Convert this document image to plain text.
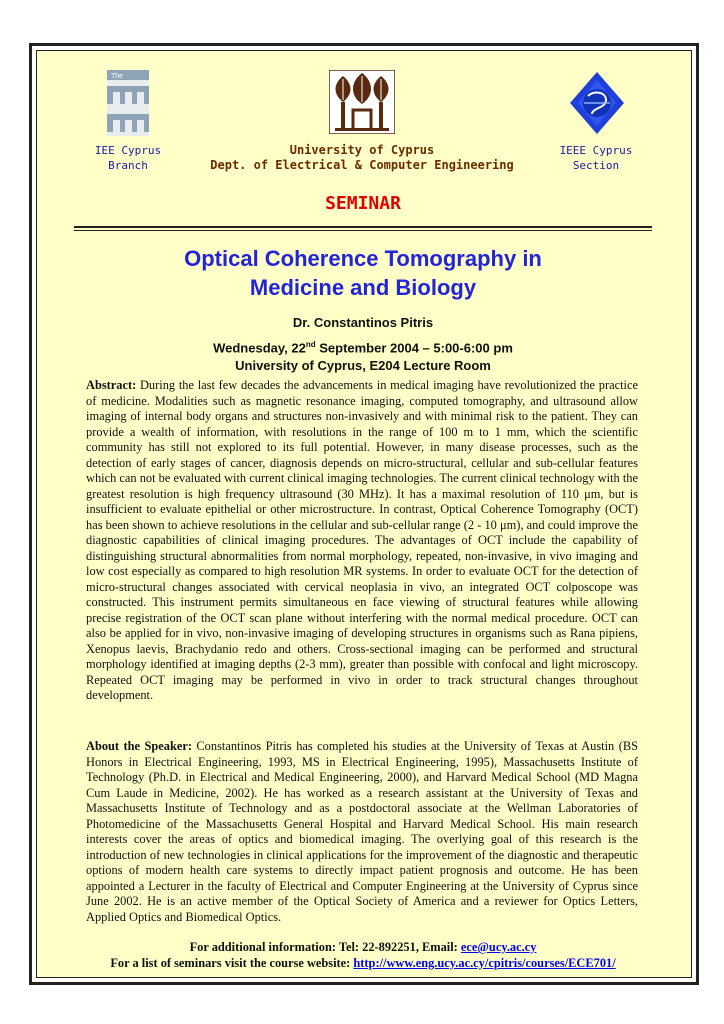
The
IEE Cyprus
Branch
IEEE Cyprus
Section
University of Cyprus
Dept. of Electrical & Computer Engineering
SEMINAR
Optical Coherence Tomography in
Medicine and Biology
Dr. Constantinos Pitris
Wednesday, 22nd September 2004 – 5:00-6:00 pm
University of Cyprus, E204 Lecture Room
Abstract: During the last few decades the advancements in medical imaging have revolutionized the practice of medicine. Modalities such as magnetic resonance imaging, computed tomography, and ultrasound allow imaging of internal body organs and structures non-invasively and with minimal risk to the patient. They can provide a wealth of information, with resolutions in the range of 100 m to 1 mm, which the scientific community has still not explored to its full potential. However, in many disease processes, such as the detection of early stages of cancer, diagnosis depends on micro-structural, cellular and sub-cellular features which can not be evaluated with current clinical imaging technologies. The current clinical technology with the greatest resolution is high frequency ultrasound (30 MHz). It has a maximal resolution of 110 μm, but is insufficient to evaluate epithelial or other microstructure. In contrast, Optical Coherence Tomography (OCT) has been shown to achieve resolutions in the cellular and sub-cellular range (2 - 10 μm), and could improve the diagnostic capabilities of clinical imaging procedures. The advantages of OCT include the capability of distinguishing structural abnormalities from normal morphology, repeated, non-invasive, in vivo imaging and low cost especially as compared to high resolution MR systems. In order to evaluate OCT for the detection of micro-structural changes associated with cervical neoplasia in vivo, an integrated OCT colposcope was constructed. This instrument permits simultaneous en face viewing of structural features while allowing precise registration of the OCT scan plane without interfering with the normal medical procedure. OCT can also be applied for in vivo, non-invasive imaging of developing structures in organisms such as Rana pipiens, Xenopus laevis, Brachydanio redo and others. Cross-sectional imaging can be performed and structural morphology identified at imaging depths (2-3 mm), greater than possible with confocal and light microscopy. Repeated OCT imaging may be performed in vivo in order to track structural changes throughout development.
About the Speaker: Constantinos Pitris has completed his studies at the University of Texas at Austin (BS Honors in Electrical Engineering, 1993, MS in Electrical Engineering, 1995), Massachusetts Institute of Technology (Ph.D. in Electrical and Medical Engineering, 2000), and Harvard Medical School (MD Magna Cum Laude in Medicine, 2002). He has worked as a research assistant at the University of Texas and Massachusetts Institute of Technology and as a postdoctoral associate at the Wellman Laboratories of Photomedicine of the Massachusetts General Hospital and Harvard Medical School. His main research interests cover the areas of optics and biomedical imaging. The overlying goal of this research is the introduction of new technologies in clinical applications for the improvement of the diagnostic and therapeutic options of modern health care systems to directly impact patient prognosis and outcome. He has been appointed a Lecturer in the faculty of Electrical and Computer Engineering at the University of Cyprus since June 2002. He is an active member of the Optical Society of America and a reviewer for Optics Letters, Applied Optics and Biomedical Optics.
For additional information: Tel: 22-892251, Email: ece@ucy.ac.cy
For a list of seminars visit the course website: http://www.eng.ucy.ac.cy/cpitris/courses/ECE701/
